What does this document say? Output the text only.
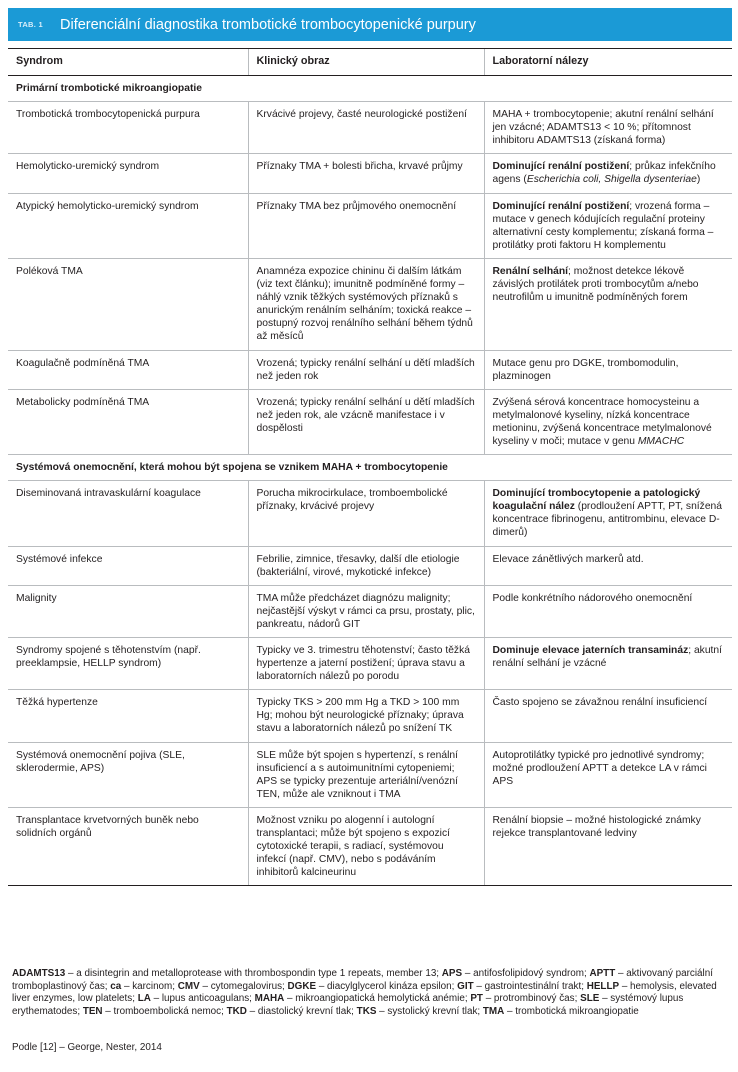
TAB. 1	Diferenciální diagnostika trombotické trombocytopenické purpury
Syndrom	Klinický obraz	Laboratorní nálezy
Primární trombotické mikroangiopatie		
Trombotická trombocytopenická purpura	Krvácivé projevy, časté neurologické postižení	MAHA + trombocytopenie; akutní renální selhání jen vzácné; ADAMTS13 < 10 %; přítomnost inhibitoru ADAMTS13 (získaná forma)
Hemolyticko-uremický syndrom	Příznaky TMA + bolesti břicha, krvavé průjmy	Dominující renální postižení; průkaz infekčního agens (Escherichia coli, Shigella dysenteriae)
Atypický hemolyticko-uremický syndrom	Příznaky TMA bez průjmového onemocnění	Dominující renální postižení; vrozená forma – mutace v genech kódujících regulační proteiny alternativní cesty komplementu; získaná forma – protilátky proti faktoru H komplementu
Poléková TMA	Anamnéza expozice chininu či dalším látkám (viz text článku); imunitně podmíněné formy – náhlý vznik těžkých systémových příznaků s anurickým renálním selháním; toxická reakce – postupný rozvoj renálního selhání během týdnů až měsíců	Renální selhání; možnost detekce lékově závislých protilátek proti trombocytům a/nebo neutrofilům u imunitně podmíněných forem
Koagulačně podmíněná TMA	Vrozená; typicky renální selhání u dětí mladších než jeden rok	Mutace genu pro DGKE, trombomodulin, plazminogen
Metabolicky podmíněná TMA	Vrozená; typicky renální selhání u dětí mladších než jeden rok, ale vzácně manifestace i v dospělosti	Zvýšená sérová koncentrace homocysteinu a metylmalonové kyseliny, nízká koncentrace metioninu, zvýšená koncentrace metylmalonové kyseliny v moči; mutace v genu MMACHC
Systémová onemocnění, která mohou být spojena se vznikem MAHA + trombocytopenie		
Diseminovaná intravaskulární koagulace	Porucha mikrocirkulace, tromboembolické příznaky, krvácivé projevy	Dominující trombocytopenie a patologický koagulační nález (prodloužení APTT, PT, snížená koncentrace fibrinogenu, antitrombinu, elevace D-dimerů)
Systémové infekce	Febrilie, zimnice, třesavky, další dle etiologie (bakteriální, virové, mykotické infekce)	Elevace zánětlivých markerů atd.
Malignity	TMA může předcházet diagnózu malignity; nejčastější výskyt v rámci ca prsu, prostaty, plic, pankreatu, nádorů GIT	Podle konkrétního nádorového onemocnění
Syndromy spojené s těhotenstvím (např. preeklampsie, HELLP syndrom)	Typicky ve 3. trimestru těhotenství; často těžká hypertenze a jaterní postižení; úprava stavu a laboratorních nálezů po porodu	Dominuje elevace jaterních transamináz; akutní renální selhání je vzácné
Těžká hypertenze	Typicky TKS > 200 mm Hg a TKD > 100 mm Hg; mohou být neurologické příznaky; úprava stavu a laboratorních nálezů po snížení TK	Často spojeno se závažnou renální insuficiencí
Systémová onemocnění pojiva (SLE, sklerodermie, APS)	SLE může být spojen s hypertenzí, s renální insuficiencí a s autoimunitními cytopeniemi; APS se typicky prezentuje arteriální/venózní TEN, může ale vzniknout i TMA	Autoprotilátky typické pro jednotlivé syndromy; možné prodloužení APTT a detekce LA v rámci APS
Transplantace krvetvorných buněk nebo solidních orgánů	Možnost vzniku po alogenní i autologní transplantaci; může být spojeno s expozicí cytotoxické terapii, s radiací, systémovou infekcí (např. CMV), nebo s podáváním inhibitorů kalcineurinu	Renální biopsie – možné histologické známky rejekce transplantované ledviny

ADAMTS13 – a disintegrin and metalloprotease with thrombospondin type 1 repeats, member 13; APS – antifosfolipidový syndrom; APTT – aktivovaný parciální tromboplastinový čas; ca – karcinom; CMV – cytomegalovirus; DGKE – diacylglycerol kináza epsilon; GIT – gastrointestinální trakt; HELLP – hemolysis, elevated liver enzymes, low platelets; LA – lupus anticoagulans; MAHA – mikroangiopatická hemolytická anémie; PT – protrombinový čas; SLE – systémový lupus erythematodes; TEN – tromboembolická nemoc; TKD – diastolický krevní tlak; TKS – systolický krevní tlak; TMA – trombotická mikroangiopatie

Podle [12] – George, Nester, 2014
